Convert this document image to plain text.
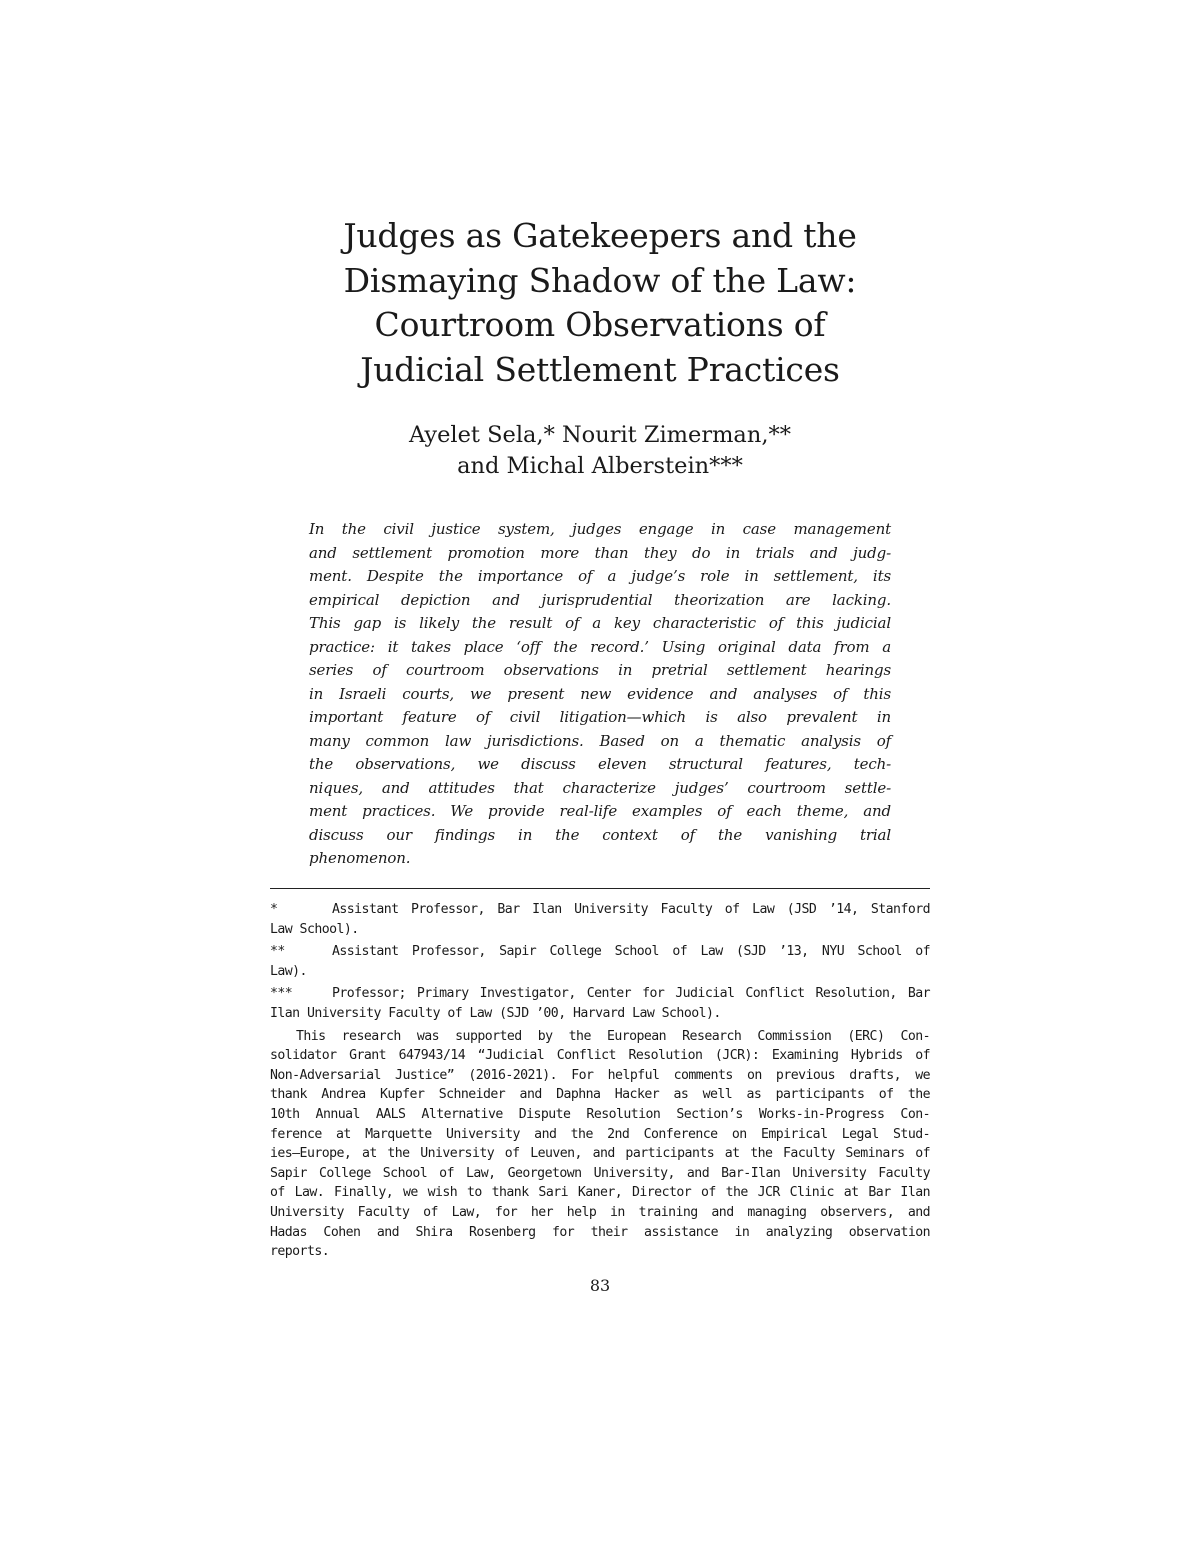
Judges as Gatekeepers and the
Dismaying Shadow of the Law:
Courtroom Observations of
Judicial Settlement Practices
Ayelet Sela,* Nourit Zimerman,**
and Michal Alberstein***
In the civil justice system, judges engage in case management
and settlement promotion more than they do in trials and judg-
ment. Despite the importance of a judge’s role in settlement, its
empirical depiction and jurisprudential theorization are lacking.
This gap is likely the result of a key characteristic of this judicial
practice: it takes place ‘off the record.’ Using original data from a
series of courtroom observations in pretrial settlement hearings
in Israeli courts, we present new evidence and analyses of this
important feature of civil litigation—which is also prevalent in
many common law jurisdictions. Based on a thematic analysis of
the observations, we discuss eleven structural features, tech-
niques, and attitudes that characterize judges’ courtroom settle-
ment practices. We provide real-life examples of each theme, and
discuss our findings in the context of the vanishing trial
phenomenon.
*	Assistant Professor, Bar Ilan University Faculty of Law (JSD ’14, Stanford
Law School).
**	Assistant Professor, Sapir College School of Law (SJD ’13, NYU School of
Law).
***	Professor; Primary Investigator, Center for Judicial Conflict Resolution, Bar
Ilan University Faculty of Law (SJD ’00, Harvard Law School).
This research was supported by the European Research Commission (ERC) Con-
solidator Grant 647943/14 “Judicial Conflict Resolution (JCR): Examining Hybrids of
Non-Adversarial Justice” (2016-2021). For helpful comments on previous drafts, we
thank Andrea Kupfer Schneider and Daphna Hacker as well as participants of the
10th Annual AALS Alternative Dispute Resolution Section’s Works-in-Progress Con-
ference at Marquette University and the 2nd Conference on Empirical Legal Stud-
ies—Europe, at the University of Leuven, and participants at the Faculty Seminars of
Sapir College School of Law, Georgetown University, and Bar-Ilan University Faculty
of Law. Finally, we wish to thank Sari Kaner, Director of the JCR Clinic at Bar Ilan
University Faculty of Law, for her help in training and managing observers, and
Hadas Cohen and Shira Rosenberg for their assistance in analyzing observation
reports.
83
